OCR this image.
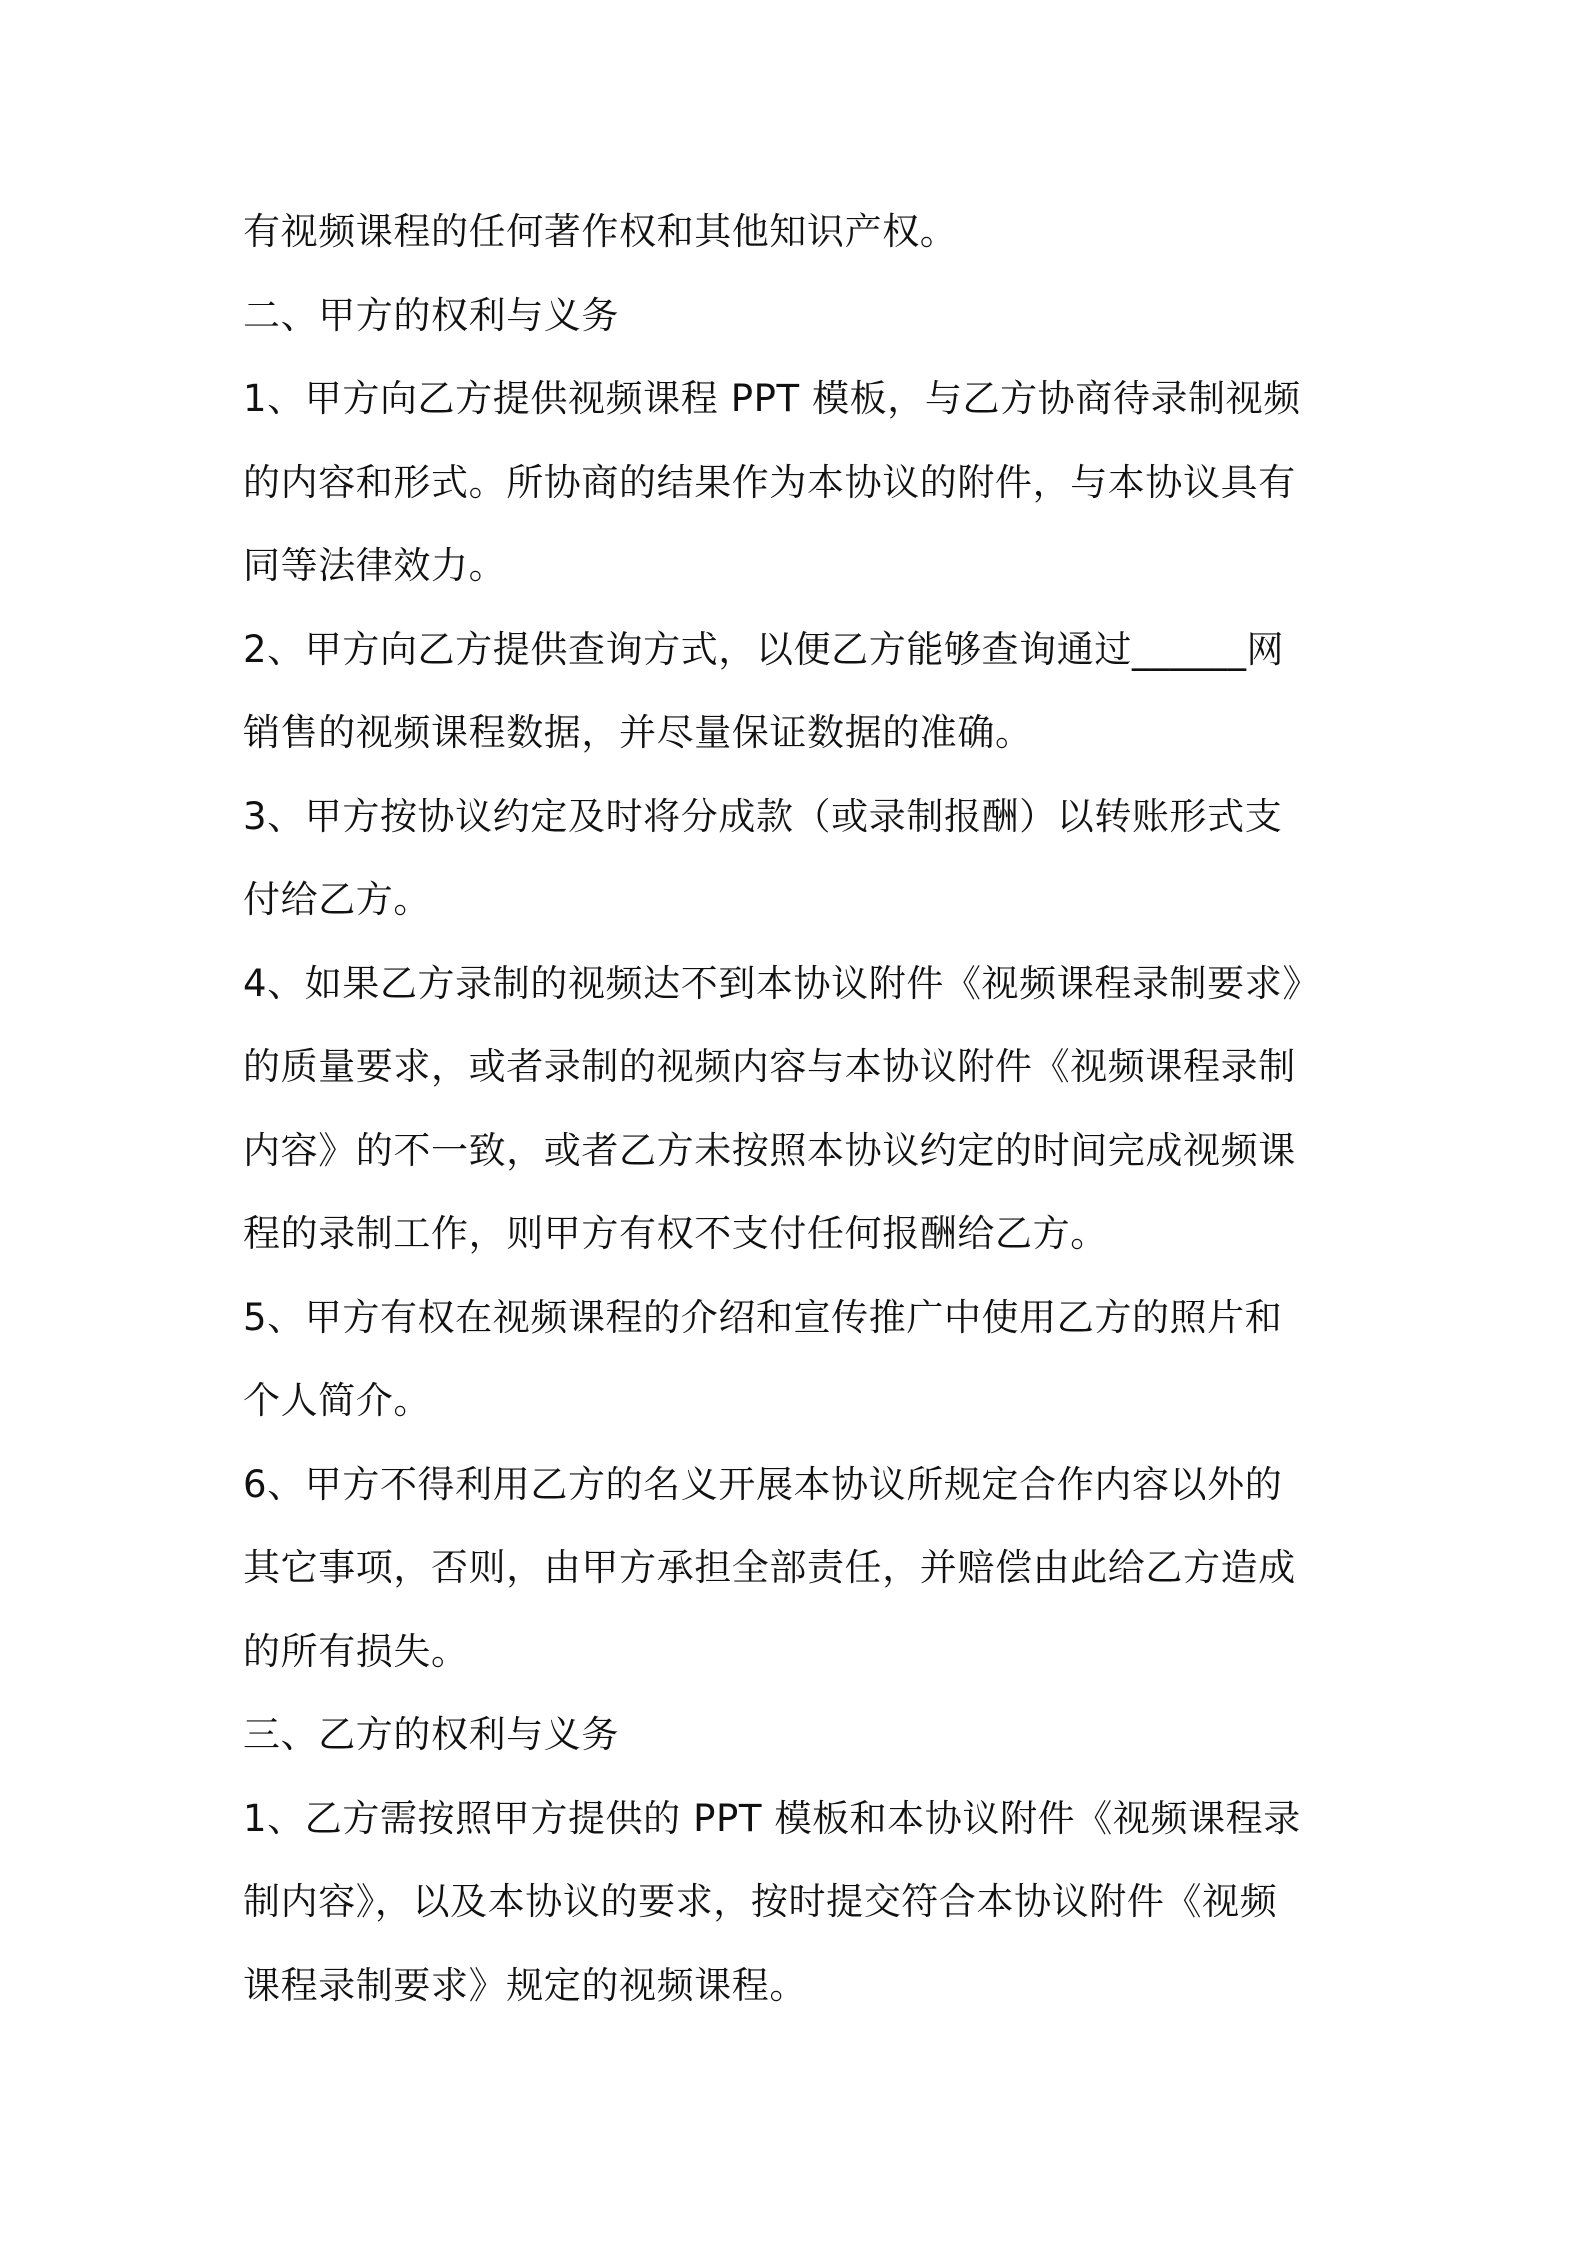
有视频课程的任何著作权和其他知识产权。
二、甲方的权利与义务
1、甲方向乙方提供视频课程 PPT 模板，与乙方协商待录制视频
的内容和形式。所协商的结果作为本协议的附件，与本协议具有
同等法律效力。
2、甲方向乙方提供查询方式，以便乙方能够查询通过______网
销售的视频课程数据，并尽量保证数据的准确。
3、甲方按协议约定及时将分成款（或录制报酬）以转账形式支
付给乙方。
4、如果乙方录制的视频达不到本协议附件《视频课程录制要求》
的质量要求，或者录制的视频内容与本协议附件《视频课程录制
内容》的不一致，或者乙方未按照本协议约定的时间完成视频课
程的录制工作，则甲方有权不支付任何报酬给乙方。
5、甲方有权在视频课程的介绍和宣传推广中使用乙方的照片和
个人简介。
6、甲方不得利用乙方的名义开展本协议所规定合作内容以外的
其它事项，否则，由甲方承担全部责任，并赔偿由此给乙方造成
的所有损失。
三、乙方的权利与义务
1、乙方需按照甲方提供的 PPT 模板和本协议附件《视频课程录
制内容》，以及本协议的要求，按时提交符合本协议附件《视频
课程录制要求》规定的视频课程。
